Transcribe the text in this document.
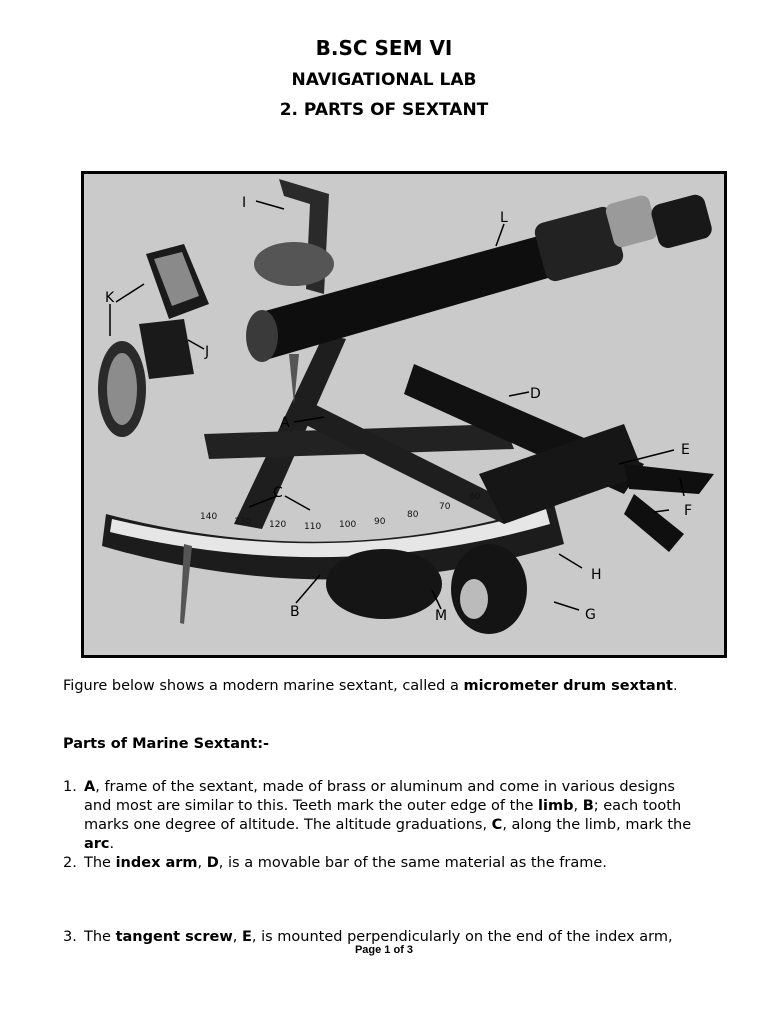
B.SC SEM VI
NAVIGATIONAL LAB
2. PARTS OF SEXTANT
140 130 120 110 100 90
80
70
60
I
L
K
J
A
D
E
C
F
H
B	M	G
Figure below shows a modern marine sextant, called a micrometer drum sextant.
Parts of Marine Sextant:-
1. A, frame of the sextant, made of brass or aluminum and come in various designs and most are similar to this. Teeth mark the outer edge of the limb, B; each tooth marks one degree of altitude. The altitude graduations, C, along the limb, mark the arc.
2. The index arm, D, is a movable bar of the same material as the frame.
3. The tangent screw, E, is mounted perpendicularly on the end of the index arm,
Page 1 of 3
